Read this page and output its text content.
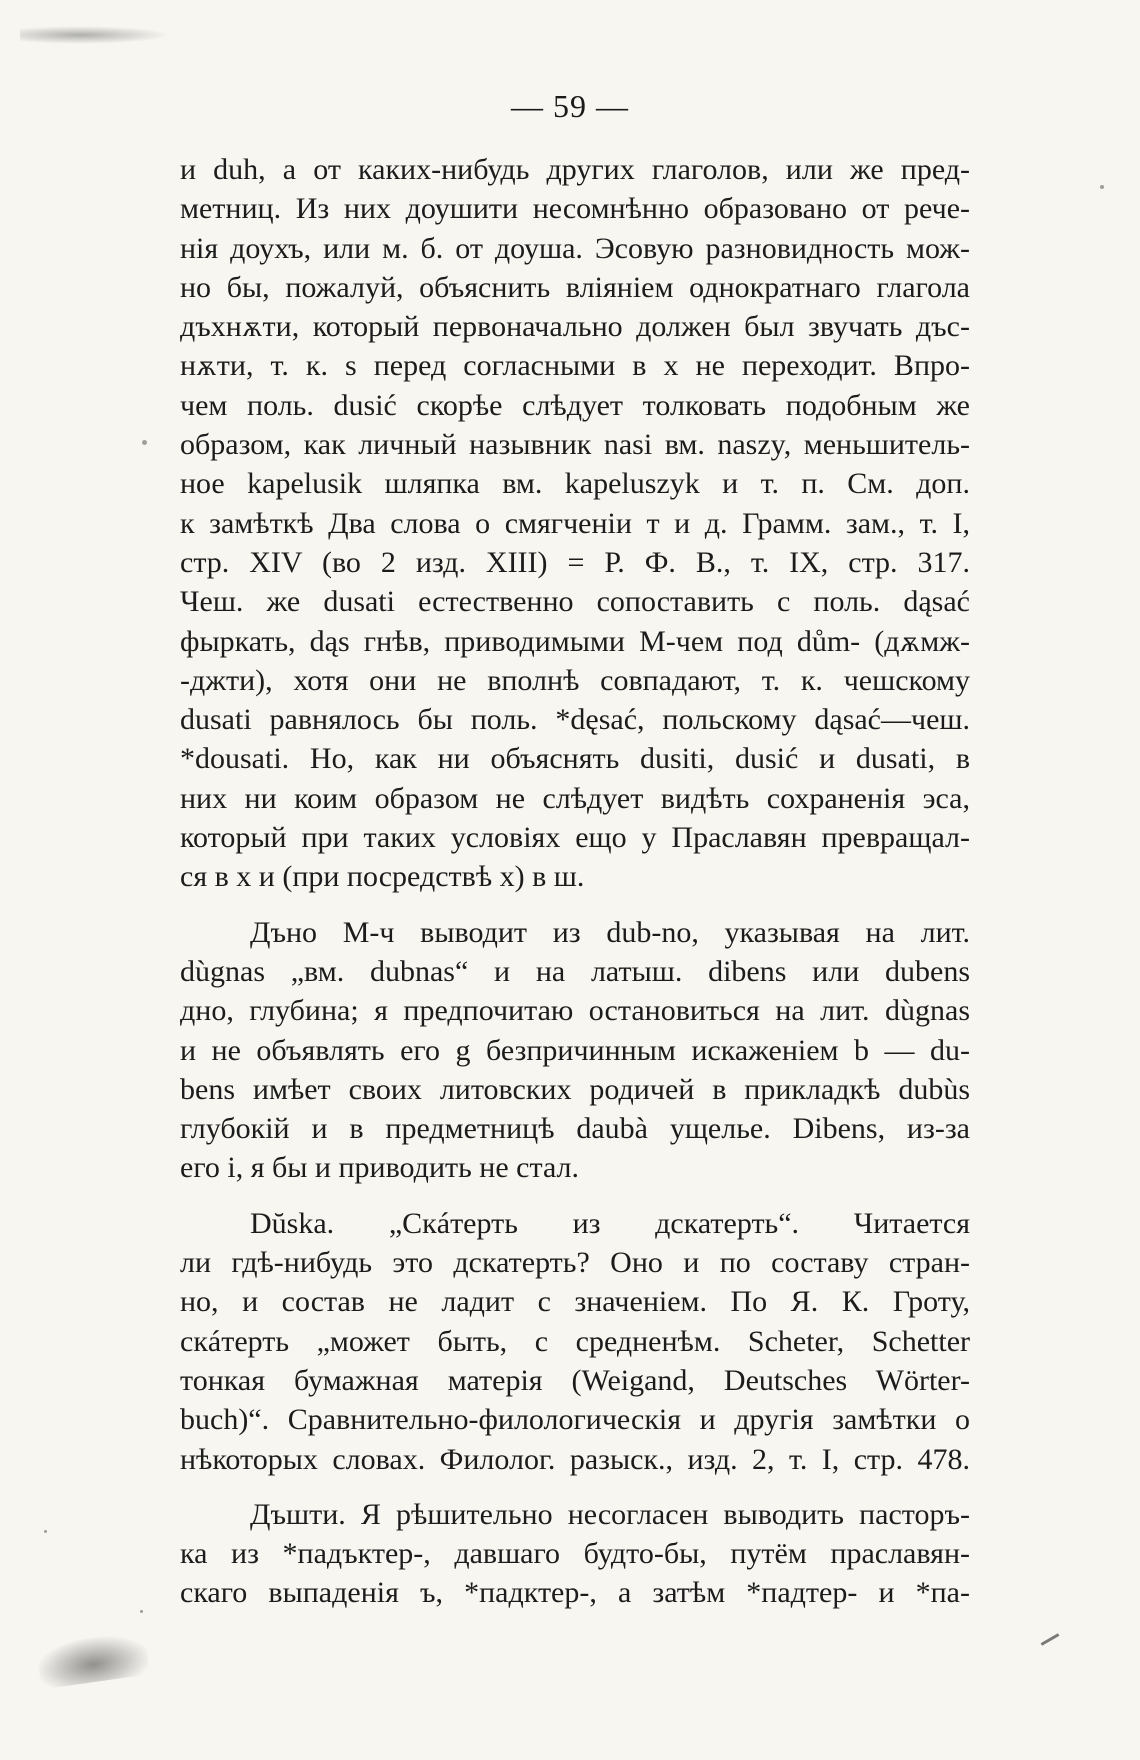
— 59 —

и duh, а от каких-нибудь других глаголов, или же пред-
метниц. Из них доушити несомнѣнно образовано от рече-
нія доухъ, или м. б. от доуша. Эсовую разновидность мож-
но бы, пожалуй, объяснить вліяніем однократнаго глагола
дъхнѫти, который первоначально должен был звучать дъс-
нѫти, т. к. s перед согласными в х не переходит. Впро-
чем поль. dusić скорѣе слѣдует толковать подобным же
образом, как личный назывник nasi вм. naszy, меньшитель-
ное kapelusik шляпка вм. kapeluszyk и т. п. См. доп.
к замѣткѣ Два слова о смягченіи т и д. Грамм. зам., т. I,
стр. XIV (во 2 изд. XIII) = Р. Ф. В., т. IX, стр. 317.
Чеш. же dusati естественно сопоставить с поль. dąsać
фыркать, dąs гнѣв, приводимыми М-чем под dům- (дѫмж-
-джти), хотя они не вполнѣ совпадают, т. к. чешскому
dusati равнялось бы поль. *dęsać, польскому dąsać—чеш.
*dousati. Но, как ни объяснять dusiti, dusić и dusati, в
них ни коим образом не слѣдует видѣть сохраненія эса,
который при таких условіях ещо у Праславян превращал-
ся в x и (при посредствѣ x) в ш.

Дъно М-ч выводит из dub-no, указывая на лит.
dùgnas „вм. dubnas“ и на латыш. dibens или dubens
дно, глубина; я предпочитаю остановиться на лит. dùgnas
и не объявлять его g безпричинным искаженіем b — du-
bens имѣет своих литовских родичей в прикладкѣ dubùs
глубокій и в предметницѣ daubà ущелье. Dibens, из-за
его i, я бы и приводить не стал.

Dŭska. „Скáтерть из дскатерть“. Читается
ли гдѣ-нибудь это дскатерть? Оно и по составу стран-
но, и состав не ладит с значеніем. По Я. К. Гроту,
скáтерть „может быть, с средненѣм. Scheter, Schetter
тонкая бумажная матерія (Weigand, Deutsches Wörter-
buch)“. Сравнительно-филологическія и другія замѣтки о
нѣкоторых словах. Филолог. разыск., изд. 2, т. I, стр. 478.

Дъшти. Я рѣшительно несогласен выводить пасторъ-
ка из *падъктер-, давшаго будто-бы, путём праславян-
скаго выпаденія ъ, *падктер-, а затѣм *падтер- и *па-
